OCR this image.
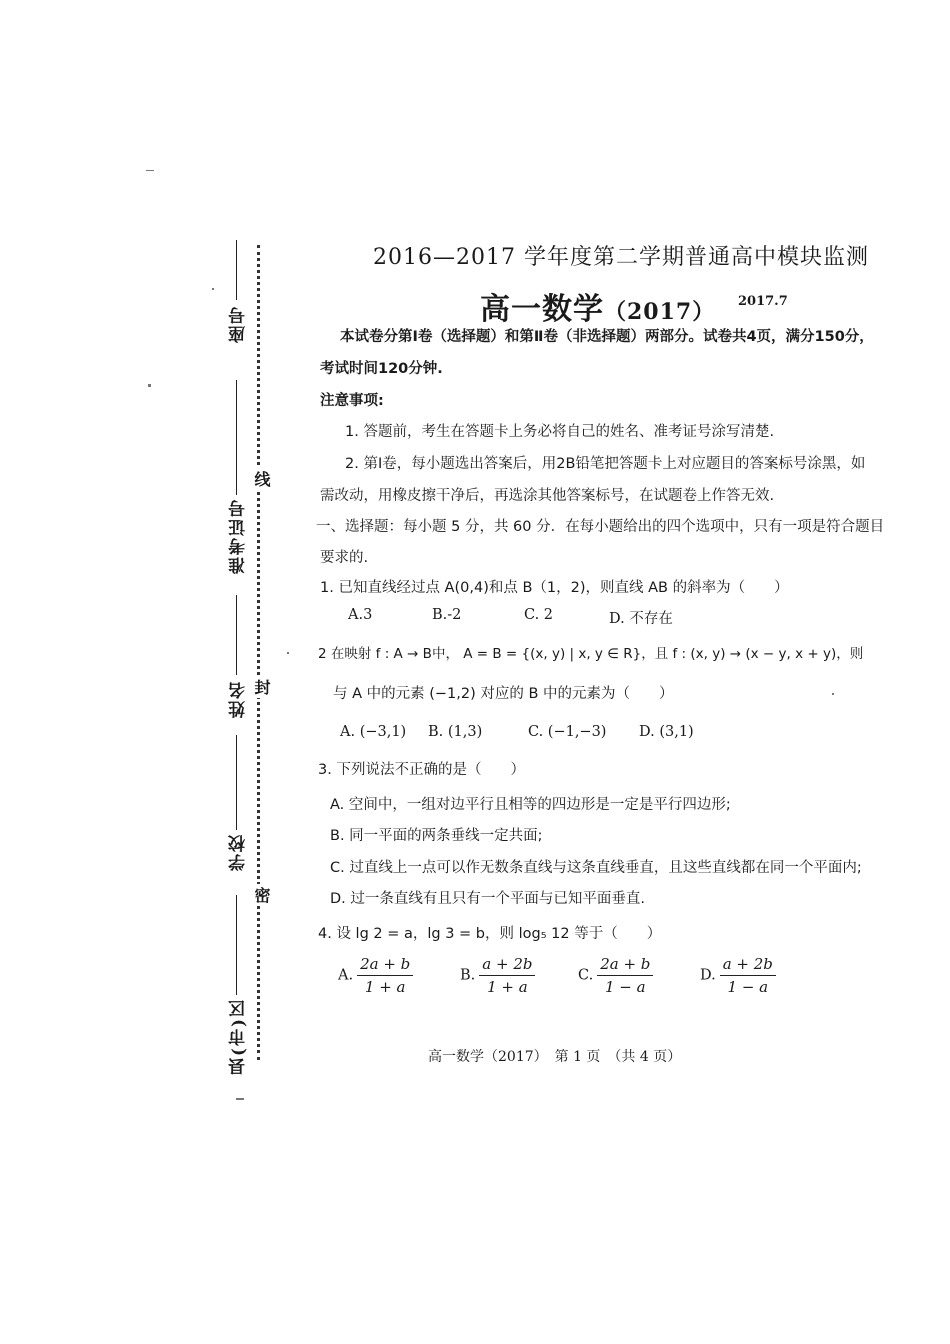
座号
准考证号
姓名
学校
县(市)区
线
封
密
2016—2017 学年度第二学期普通高中模块监测
高一数学（2017） 2017.7
本试卷分第Ⅰ卷（选择题）和第Ⅱ卷（非选择题）两部分。试卷共4页，满分150分，
考试时间120分钟.
注意事项:
1. 答题前，考生在答题卡上务必将自己的姓名、准考证号涂写清楚.
2. 第Ⅰ卷，每小题选出答案后，用2B铅笔把答题卡上对应题目的答案标号涂黑，如
需改动，用橡皮擦干净后，再选涂其他答案标号，在试题卷上作答无效.
一、选择题：每小题 5 分，共 60 分．在每小题给出的四个选项中，只有一项是符合题目
要求的.
1. 已知直线经过点 A(0,4)和点 B（1，2)，则直线 AB 的斜率为（　　）
A.3	B.-2	C. 2	D. 不存在
2 在映射 f : A → B中， A = B = {(x, y) | x, y ∈ R}，且 f : (x, y) → (x − y, x + y)，则
与 A 中的元素 (−1,2) 对应的 B 中的元素为（　　）
A. (−3,1) B. (1,3)	C. (−1,−3) D. (3,1)
3. 下列说法不正确的是（　　）
A. 空间中，一组对边平行且相等的四边形是一定是平行四边形;
B. 同一平面的两条垂线一定共面;
C. 过直线上一点可以作无数条直线与这条直线垂直，且这些直线都在同一个平面内;
D. 过一条直线有且只有一个平面与已知平面垂直.
4. 设 lg 2 = a，lg 3 = b，则 log₅ 12 等于（　　）
A. $\frac{2a + b}{1 + a}$	B. $\frac{a + 2b}{1 + a}$	C. $\frac{2a + b}{1 - a}$	D. $\frac{a + 2b}{1 - a}$
高一数学（2017）　第 1 页　（共 4 页）
